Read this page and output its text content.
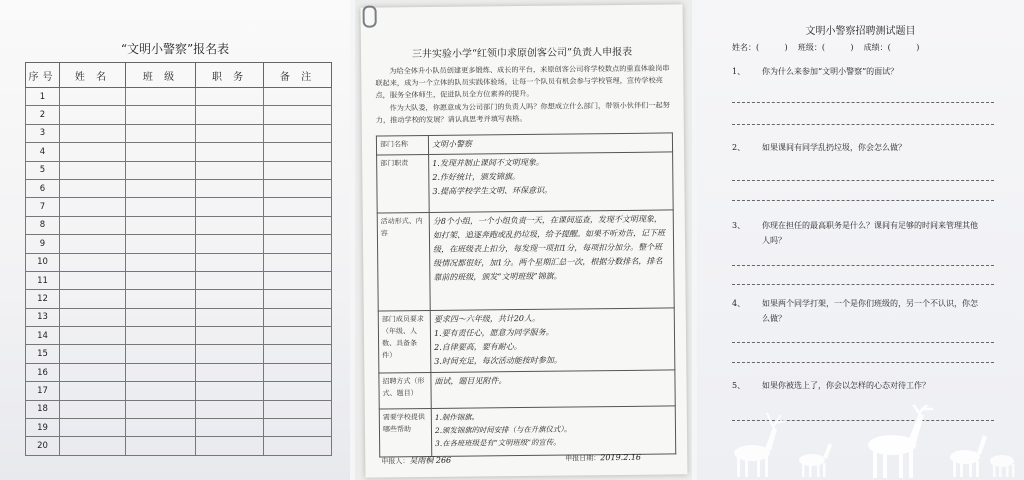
“文明小警察”报名表
序号	姓 名	班 级	职 务	备 注
1				
2				
3				
4				
5				
6				
7				
8				
9				
10				
11				
12				
13				
14				
15				
16				
17				
18				
19				
20				
三井实验小学“红领巾求原创客公司”负责人申报表

为给全体升小队员创建更多锻炼、成长的平台，来原创客公司将学校数点的重直体验岗串联起来，成为一个立体的队员实践体验场，让每一个队员有机会参与学校管理，宣传学校亮点，服务全体师生，促进队员全方位素养的提升。

作为大队委，你愿意成为公司部门的负责人吗？你想成立什么部门，带领小伙伴们一起努力，推动学校的发展？请认真思考并填写表格。

部门名称	文明小警察

部门职责	1.发现并制止课间不文明现象。
2.作好统计，颁发锦旗。
3.提高学校学生文明、环保意识。

活动形式、内容	分8个小组，一个小组负责一天，在课间巡查，发现不文明现象，如打架、追逐奔跑或乱扔垃圾，给予提醒。如果不听劝告，记下班级，在班级表上扣分，每发现一项扣1分，每项扣分加分。整个班级情况都很好，加1分。两个星期汇总一次，根据分数排名，排名靠前的班级，颁发“文明班级”锦旗。

部门成员要求（年级、人数、具备条件）	要求四～六年级，共计20人。
1.要有责任心，愿意为同学服务。
2.自律要高，要有耐心。
3.时间充足，每次活动能按时参加。

招聘方式（形式、题目）	面试，题目见附件。

需要学校提供哪些帮助	1.制作锦旗。
2.颁发锦旗的时间安排（与在升旗仪式）。
3.在各班班级是有“文明班级”的宣传。
申报人：吴雨桐 266	申报日期：2019.2.16
文明小警察招聘测试题目
姓名：(          )    班级：(          )    成绩：(          )
1、 你为什么来参加“文明小警察”的面试？
2、 如果课间有同学乱扔垃圾，你会怎么做？
3、 你现在担任的最高职务是什么？课间有足够的时间来管理其他人吗？
4、 如果两个同学打架，一个是你们班级的，另一个不认识，你怎么做？
5、 如果你被选上了，你会以怎样的心态对待工作？
